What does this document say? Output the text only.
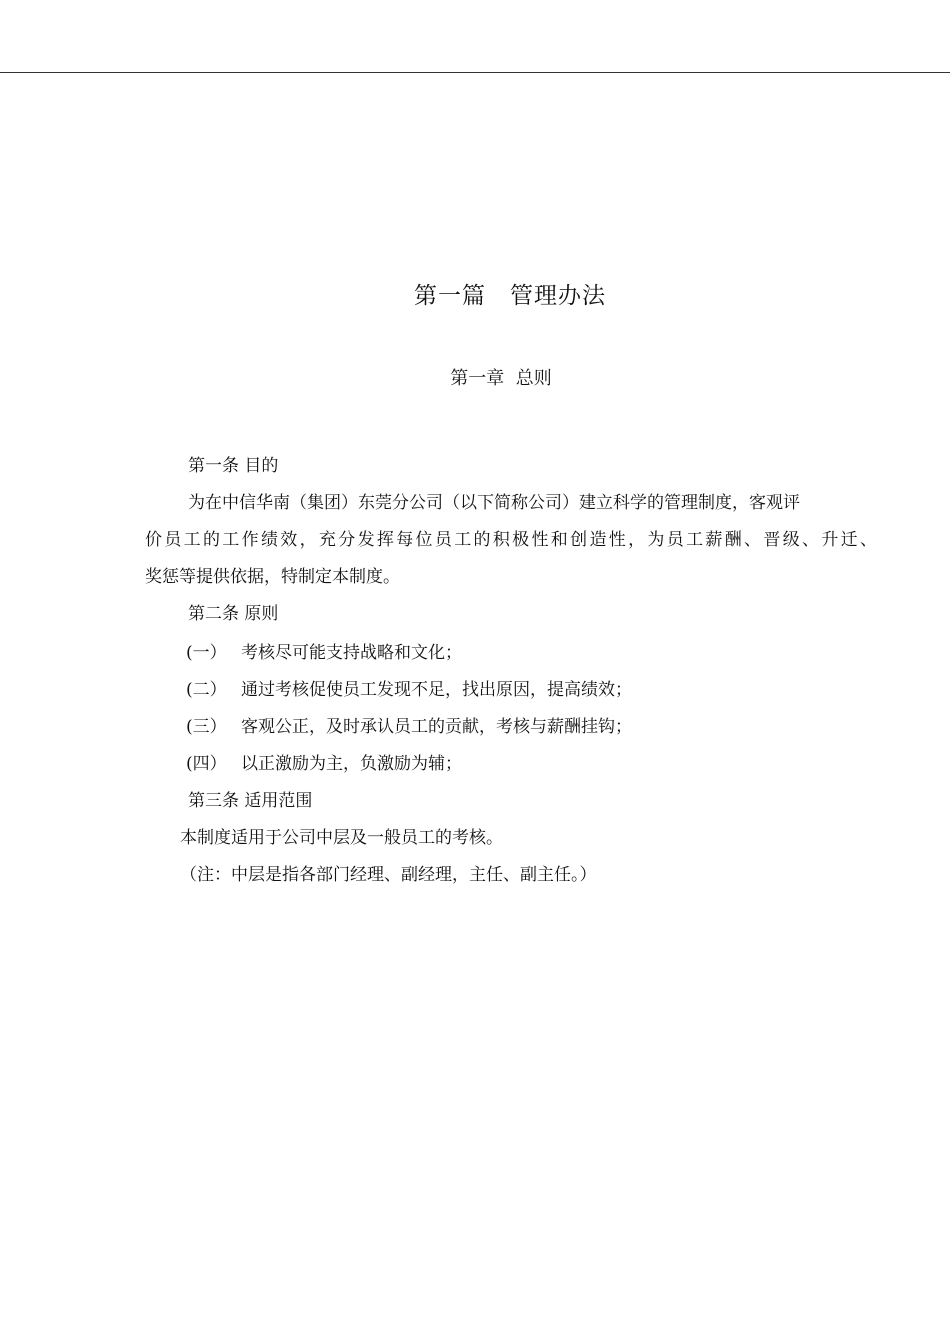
第一篇　管理办法
第一章  总则
第一条 目的
为在中信华南（集团）东莞分公司（以下简称公司）建立科学的管理制度，客观评
价员工的工作绩效，充分发挥每位员工的积极性和创造性，为员工薪酬、晋级、升迁、
奖惩等提供依据，特制定本制度。
第二条 原则
(一） 考核尽可能支持战略和文化；
(二） 通过考核促使员工发现不足，找出原因，提高绩效；
(三） 客观公正，及时承认员工的贡献，考核与薪酬挂钩；
(四） 以正激励为主，负激励为辅；
第三条 适用范围
本制度适用于公司中层及一般员工的考核。
（注：中层是指各部门经理、副经理，主任、副主任。）
